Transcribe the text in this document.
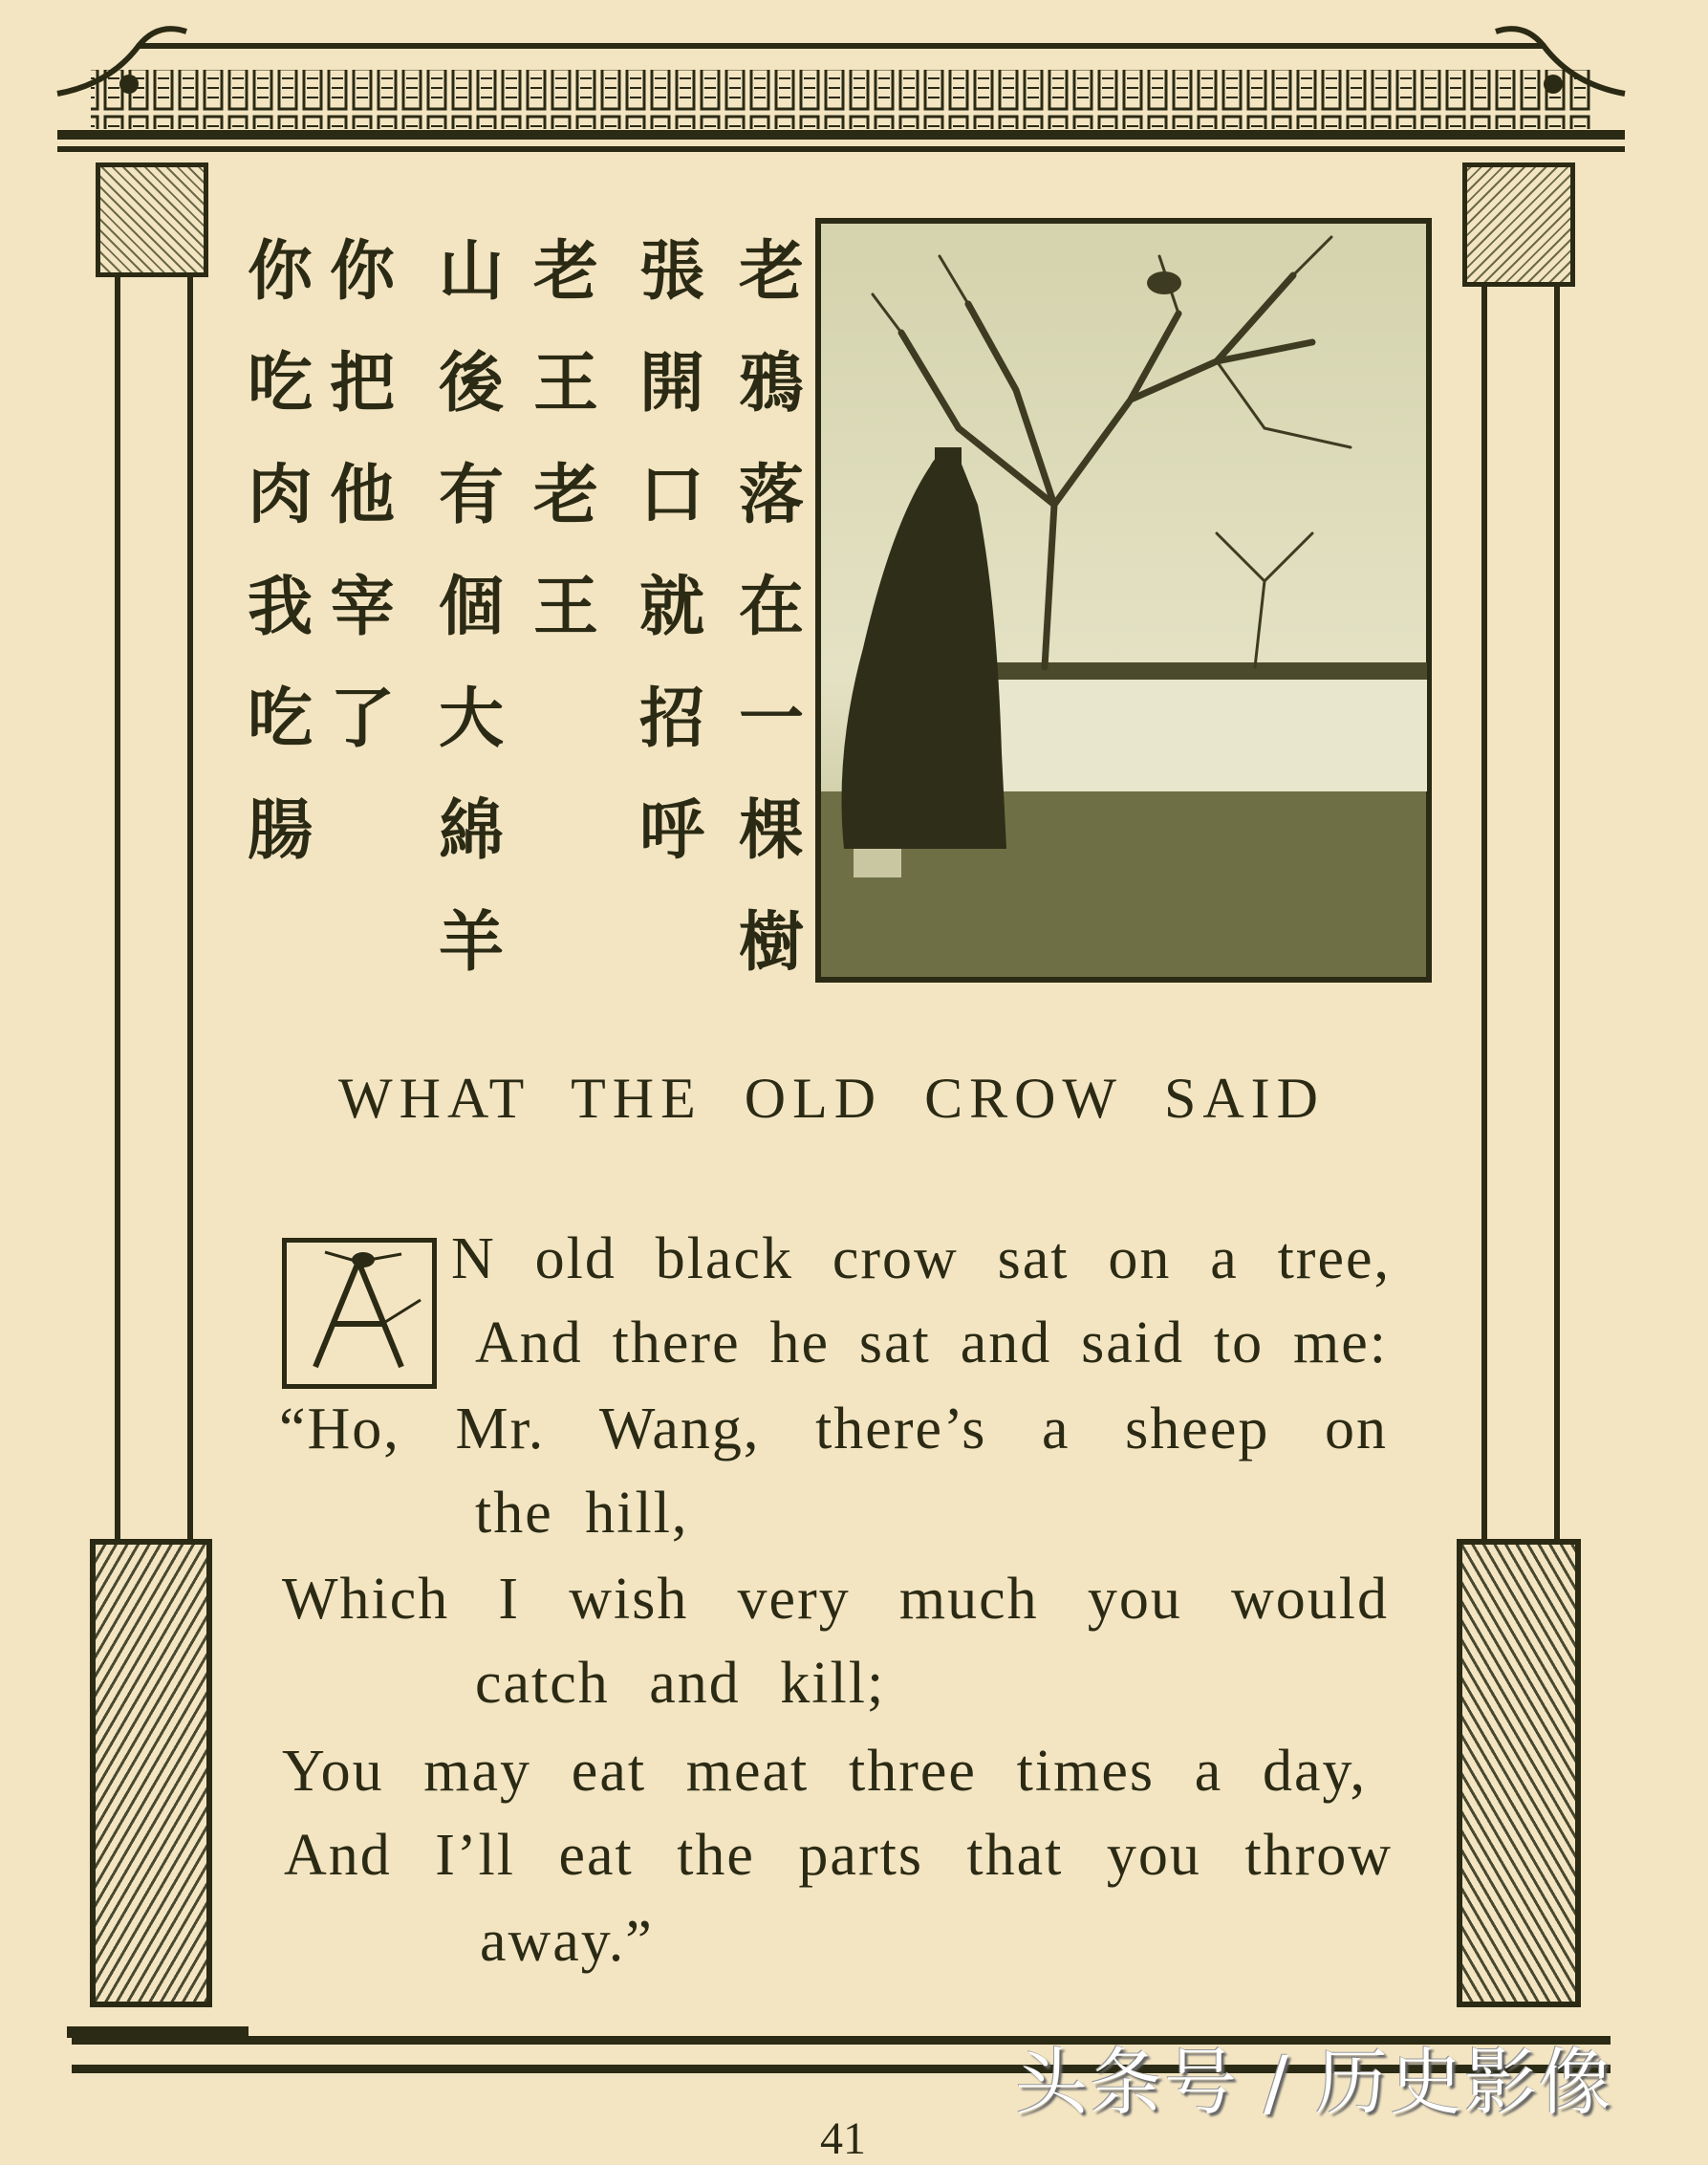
老
鴉
落
在
一
棵
樹
張
開
口
就
招
呼
老
王
老
王
山
後
有
個
大
綿
羊
你
把
他
宰
了
你
吃
肉
我
吃
腸
WHAT THE OLD CROW SAID
N old black crow sat on a tree,
And there he sat and said to me:
“Ho, Mr. Wang, there’s a sheep on
the hill,
Which I wish very much you would
catch and kill;
You may eat meat three times a day,
And I’ll eat the parts that you throw
away.”
41
头条号 / 历史影像
